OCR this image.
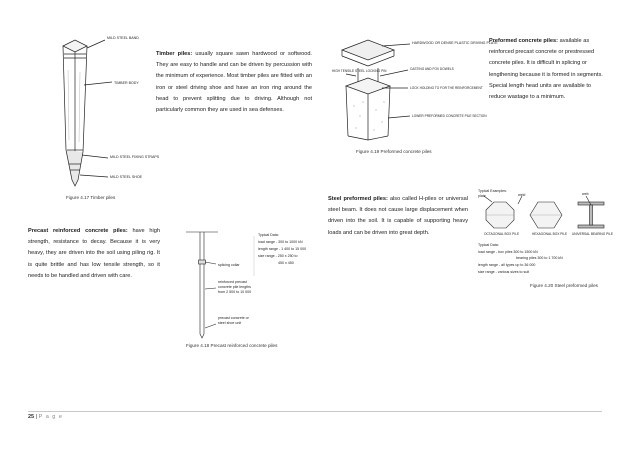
MILD STEEL BAND
TIMBER BODY
MILD STEEL FIXING STRAPS
MILD STEEL SHOE
Figure 4.17 Timber piles
Timber piles: usually square sawn hardwood or softwood. They are easy to handle and can be driven by percussion with the minimum of experience. Most timber piles are fitted with an iron or steel driving shoe and have an iron ring around the head to prevent splitting due to driving. Although not particularly common they are used in sea defenses.
HARDWOOD OR DENSE PLASTIC DRIVING PLATE
HIGH TENSILE STEEL LOCKING PIN	CASTING AND FOX DOWELS
LOCK HOLDING TO FOR THE REINFORCEMENT
LOWER PREFORMED CONCRETE PILE SECTION
Figure 4.19 Preformed concrete piles
Preformed concrete piles: available as reinforced precast concrete or prestressed concrete piles. It is difficult in splicing or lengthening because it is formed in segments. Special length head units are available to reduce wastage to a minimum.
Precast reinforced concrete piles: have high strength, resistance to decay. Because it is very heavy, they are driven into the soil using piling rig. It is quite brittle and has low tensile strength, so it needs to be handled and driven with care.
splicing collar
reinforced precast concrete pile lengths from 2 500 to 10 000
precast concrete or steel shoe unit
Typical Data:
load range - 300 to 1000 kN
length range - 1 400 to 15 000
size range - 250 x 250 to
450 x 450
Figure 4.18 Precast reinforced concrete piles
Steel preformed piles: also called H-piles or universal steel beam. It does not cause large displacement when driven into the soil. It is capable of supporting heavy loads and can be driven into great depth.
Typical Examples:
plate	weld	web
OCTAGONAL BOX PILE	HEXAGONAL BOX PILE UNIVERSAL BEARING PILE
Typical Data:
load range - box piles 300 to 1500 kN
bearing piles 300 to 1 700 kN
length range - all types up to 36 000
size range - various sizes to suit
Figure 4.20 Steel preformed piles
25 | P a g e
